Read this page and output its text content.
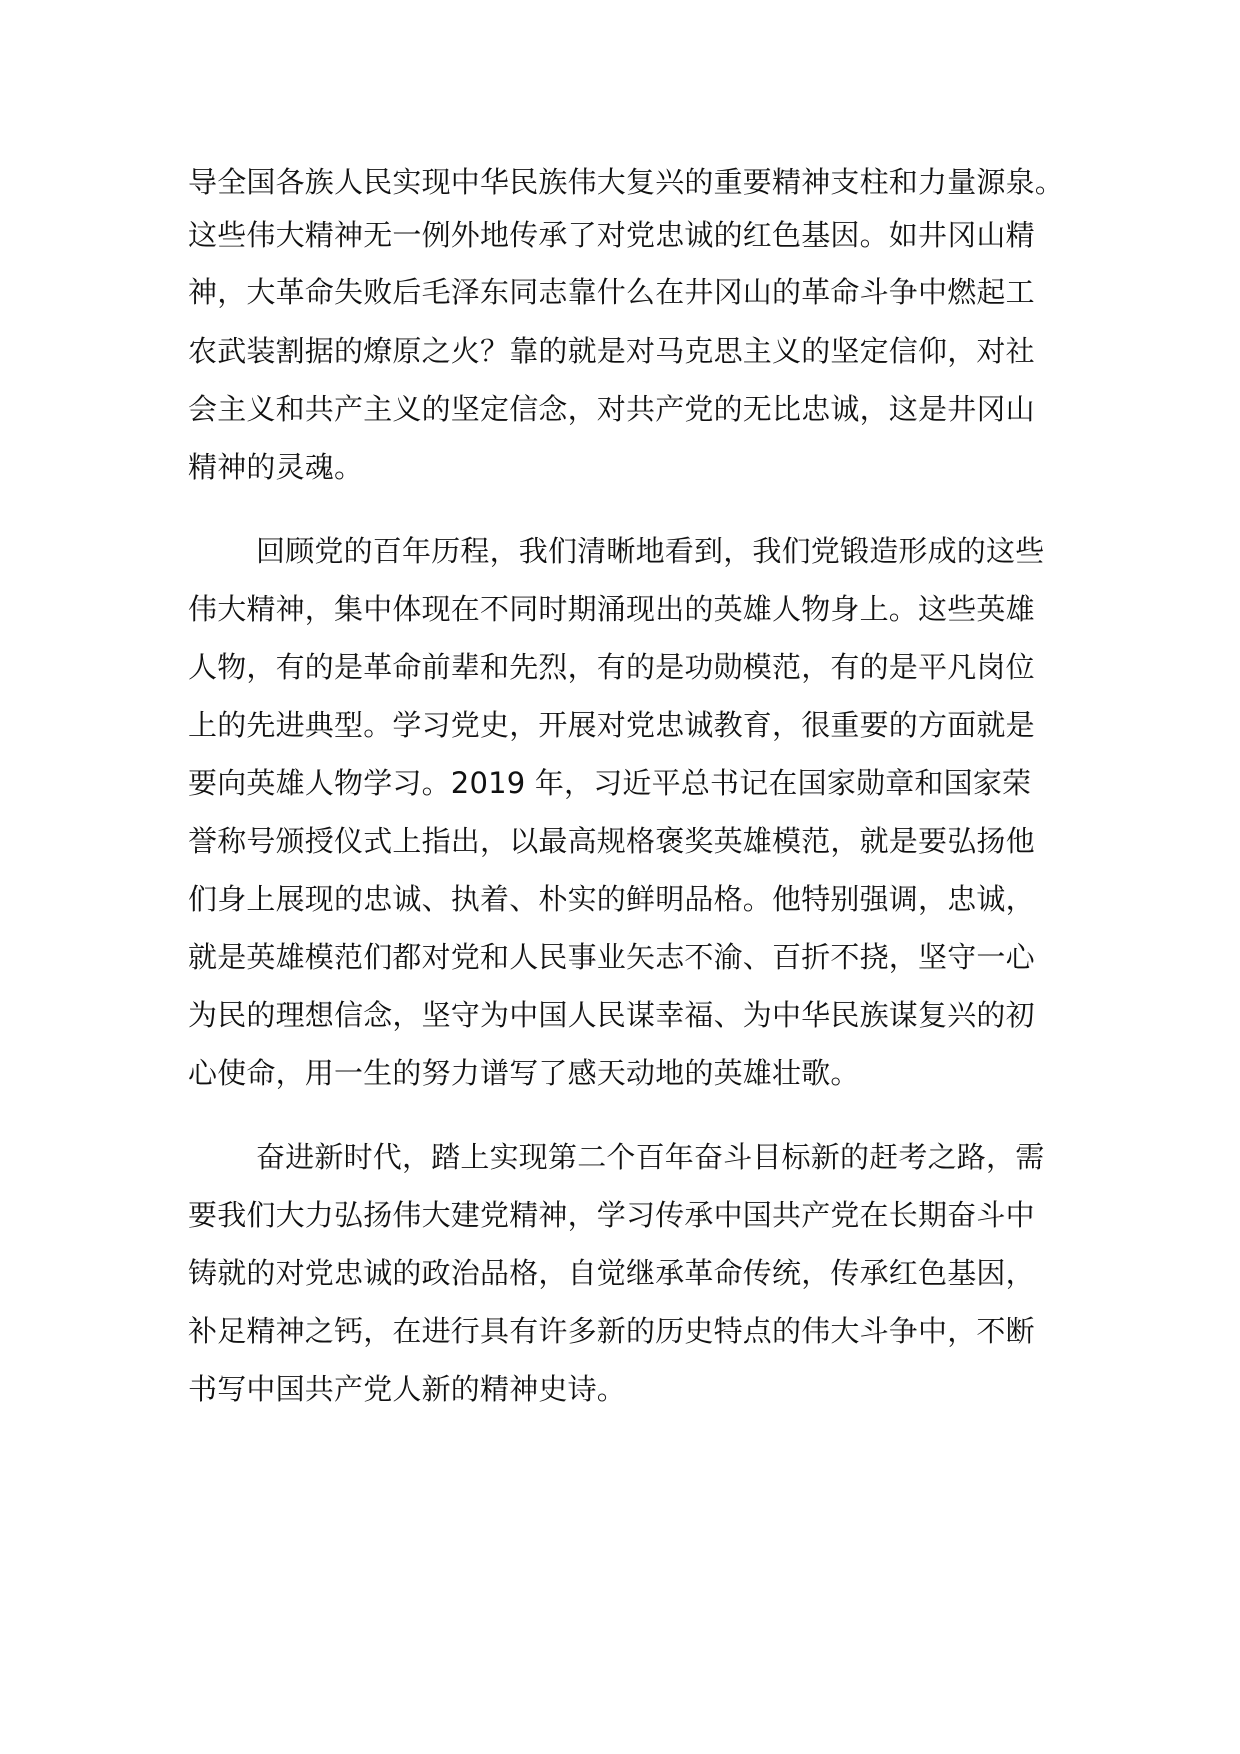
导全国各族人民实现中华民族伟大复兴的重要精神支柱和力量源泉。

这些伟大精神无一例外地传承了对党忠诚的红色基因。如井冈山精

神，大革命失败后毛泽东同志靠什么在井冈山的革命斗争中燃起工

农武装割据的燎原之火？靠的就是对马克思主义的坚定信仰，对社

会主义和共产主义的坚定信念，对共产党的无比忠诚，这是井冈山

精神的灵魂。

回顾党的百年历程，我们清晰地看到，我们党锻造形成的这些

伟大精神，集中体现在不同时期涌现出的英雄人物身上。这些英雄

人物，有的是革命前辈和先烈，有的是功勋模范，有的是平凡岗位

上的先进典型。学习党史，开展对党忠诚教育，很重要的方面就是

要向英雄人物学习。2019 年，习近平总书记在国家勋章和国家荣

誉称号颁授仪式上指出，以最高规格褒奖英雄模范，就是要弘扬他

们身上展现的忠诚、执着、朴实的鲜明品格。他特别强调，忠诚，

就是英雄模范们都对党和人民事业矢志不渝、百折不挠，坚守一心

为民的理想信念，坚守为中国人民谋幸福、为中华民族谋复兴的初

心使命，用一生的努力谱写了感天动地的英雄壮歌。

奋进新时代，踏上实现第二个百年奋斗目标新的赶考之路，需

要我们大力弘扬伟大建党精神，学习传承中国共产党在长期奋斗中

铸就的对党忠诚的政治品格，自觉继承革命传统，传承红色基因，

补足精神之钙，在进行具有许多新的历史特点的伟大斗争中，不断

书写中国共产党人新的精神史诗。
